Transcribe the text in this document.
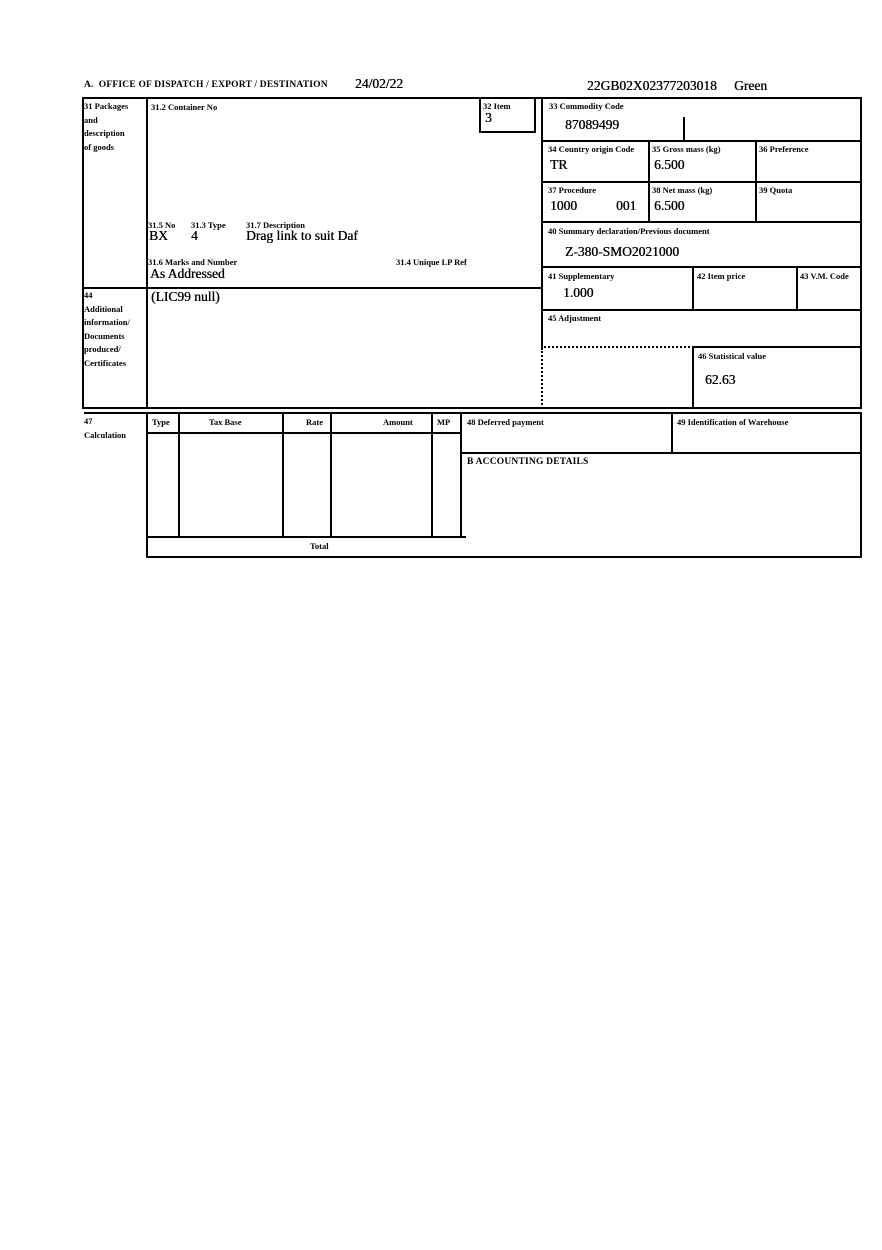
A.  OFFICE OF DISPATCH / EXPORT / DESTINATION 24/02/22	22GB02X02377203018 Green
31 Packages
and
description
of goods
31.2 Container No	32 Item
3
31.5 No 31.3 Type 31.7 Description
BX 4	Drag link to suit Daf
31.6 Marks and Number	31.4 Unique LP Ref
As Addressed
33 Commodity Code
87089499
34 Country origin Code
TR
35 Gross mass (kg)
6.500
36 Preference
37 Procedure
1000	001
38 Net mass (kg)
6.500
39 Quota
40 Summary declaration/Previous document
Z-380-SMO2021000
41 Supplementary
1.000
42 Item price	43 V.M. Code
44
Additional
information/
Documents
produced/
Certificates
(LIC99 null)
45 Adjustment
46 Statistical value
62.63
47
Calculation
Type	Tax Base	Rate	Amount	MP
Total
48 Deferred payment	49 Identification of Warehouse
B ACCOUNTING DETAILS
